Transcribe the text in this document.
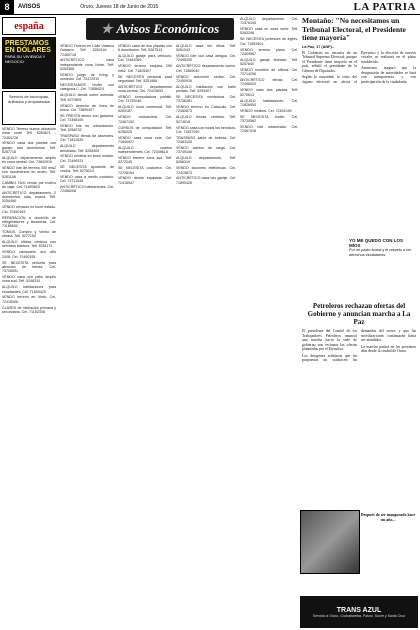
8	AVISOS	Oruro, Jueves 18 de Junio de 2015	LA PATRIA
★ Avisos Económicos
españa
PRESTAMOS EN DÓLARES
PARA SU VIVIENDA Y NEGOCIO
Servicio de fotocopias, anillados y empastados

VENDO Terreno buena ubicación zona norte Telf. 5284671 - 72463728

VENDO casa dos plantas con garaje, tres dormitorios. Telf. 5257718

ALQUILO departamento amplio en zona central. Cel. 73842910

VENDO lote de terreno 300 mts2 con documentos en orden. Telf. 5261148

CAMBIO TAXI vendo por motivo de viaje. Cel. 71853624

ANTICRÉTICO departamento 2 dormitorios, sala, cocina. Telf. 5254490

VENDO vehículo en buen estado. Cel. 72450183

REPARACIÓN a domicilio de refrigeradores y lavadoras. Cel. 71185632

TOMOS, Compro y Vendo de oficina. Telf. 5277154

ALQUILO oficina céntrica con servicios básicos. Telf. 5251172

VENDO camioneta 4x4 año 2008. Cel. 72490155

SE NECESITA señorita para atención de tienda. Cel. 73726591

VENDO casa con patio amplio zona sud. Telf. 5246310

ALQUILO habitaciones para estudiantes. Cel. 71839425

VENDO terreno en Vinto. Cel. 72418306

CLASES de nivelación primaria y secundaria. Cel. 71152308

VENDO Terreno en Calle Velasco Galvarro Telf. 5262144 - 72460718

ANTICRÉTICO casa independiente zona Norte. Telf. 5253368

VENDO juego de living y comedor. Cel. 72472910

NECESITAMOS chofer con categoría C. Cel. 71856024

ALQUILO tienda sobre avenida. Telf. 5270891

VENDO derecho de línea de micro. Cel. 73850427

SE PRESTA dinero con garantía. Cel. 72458190

VENDO lote en urbanización. Telf. 5268732

TRASPASO tienda de abarrotes. Cel. 71812635

ALQUILO departamento amoblado. Telf. 5255409

VENDO minibús en buen estado. Cel. 72496331

SE NECESITA ayudante de cocina. Telf. 5278214

VENDO casa a medio construir. Cel. 73711548

ANTICRÉTICO habitaciones. Cel. 72456208

VENDO casa de dos plantas con 5 dormitorios. Telf. 5267513

ALQUILO garaje para vehículo. Cel. 72481069

VENDO terreno esquina 250 mts2. Cel. 71825407

SE NECESITA personal para seguridad. Telf. 5251966

ANTICRÉTICO departamento zona central. Cel. 72419833

VENDO computadora portátil. Cel. 73752046

ALQUILO local comercial. Telf. 5264187

VENDO motocicleta. Cel. 72467152

CURSOS de computación. Telf. 5258320

VENDO casa zona este. Cel. 71840927

ALQUILO cuartos independientes. Cel. 72439618

VENDO terreno zona sud. Telf. 5272045

SE NECESITA costurera. Cel. 73728154

VENDO tienda equipada. Cel. 72418547

ALQUILO casa sin niños. Telf. 5261043

VENDO lote con casa antigua. Cel. 72495320

ANTICRÉTICO departamento nuevo. Cel. 71869042

VENDO automóvil sedán. Cel. 72450916

ALQUILO habitación con baño privado. Telf. 5259407

SE NECESITA vendedora. Cel. 73706281

VENDO terreno en Caracollo. Cel. 72482673

ALQUILO tienda céntrica. Telf. 5274518

VENDO casa con todos los servicios. Cel. 71837290

TRASPASO salón de belleza. Cel. 72463105

VENDO camión de carga. Cel. 73749108

ALQUILO departamento. Telf. 5266319

VENDO acciones telefónicas. Cel. 72415873

ANTICRÉTICO casa con garaje. Cel. 71890426

ALQUILO departamento. Cel. 72476105

VENDO casa en zona norte. Telf. 5263298

SE NECESITA profesora de inglés. Cel. 71853401

VENDO terreno plano. Cel. 72409567

ALQUILO garaje techado. Telf. 5257840

VENDO muebles de oficina. Cel. 73714296

ANTICRÉTICO tienda. Cel. 72498320

VENDO casa dos plantas. Telf. 5270613

ALQUILO habitaciones. Cel. 71826954

VENDO minibús. Cel. 72451039

SE NECESITA chofer. Cel. 73730582

VENDO lote urbanizado. Cel. 72467418

Montaño: "No necesitamos un Tribunal Electoral, el Presidente tiene mayoría"
La Paz, 17 (ANF).-

El Gobierno no necesita de un Tribunal Supremo Electoral, porque el Presidente tiene mayoría en el país, señaló el presidente de la Cámara de Diputados.

Según la autoridad, la crisis del órgano electoral no afecta al Ejecutivo y la elección de nuevos vocales se realizará en el plazo establecido.

Asimismo, aseguró que la designación de autoridades se hará con transparencia y con participación de la ciudadanía.

YO ME QUEDO CON LOS MÍOS
Por un pacto social y el respeto a los derechos ciudadanos.
Petroleros rechazan ofertas del Gobierno y anuncian marcha a La Paz

El presidente del Comité de los Trabajadores Petroleros anunció una marcha hacia la sede de gobierno tras rechazar las ofertas planteadas por el Ejecutivo.

Los dirigentes señalaron que las propuestas no satisfacen las demandas del sector y que las movilizaciones continuarán hasta ser atendidos.

La marcha partirá en los próximos días desde la ciudad de Oruro.

Después de ser inaugurado hace un año...
TRANS AZUL
Servicio a Oruro, Cochabamba, Potosí, Sucre y Santa Cruz
